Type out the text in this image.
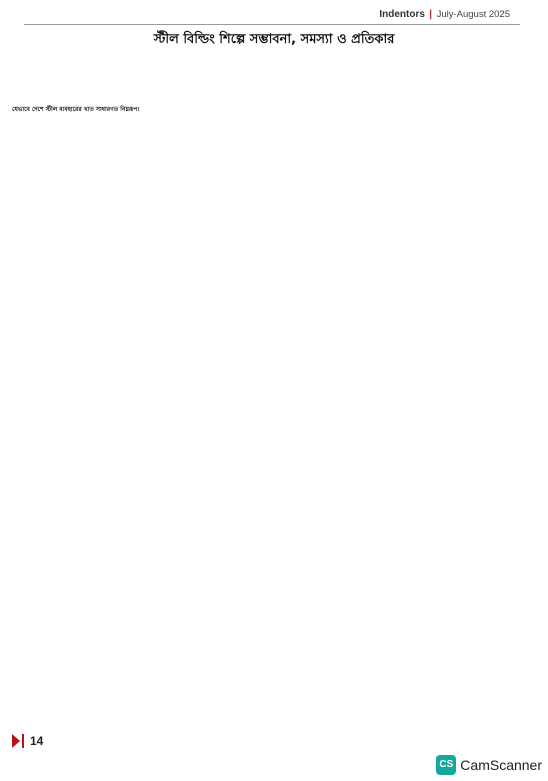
Indentors | July-August 2025
স্টীল বিল্ডিং শিল্পে সম্ভাবনা, সমস্যা ও প্রতিকার

যেভাবে দেশে স্টীল ব্যবহারের খাত সাধারণত নিম্নরূপ।

14
CS CamScanner
